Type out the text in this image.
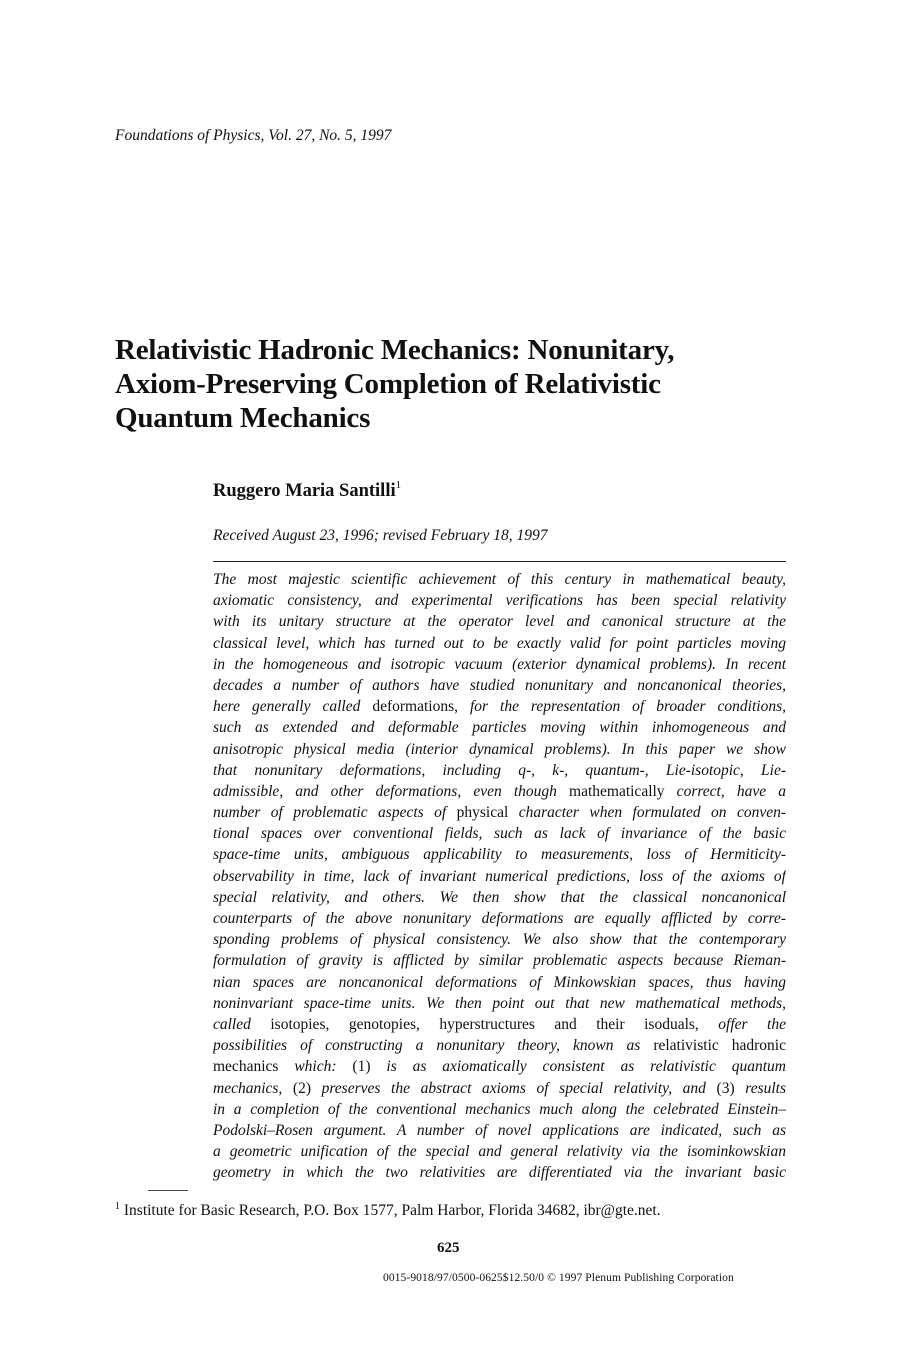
Foundations of Physics, Vol. 27, No. 5, 1997
Relativistic Hadronic Mechanics: Nonunitary,
Axiom-Preserving Completion of Relativistic
Quantum Mechanics
Ruggero Maria Santilli$^1$
Received August 23, 1996; revised February 18, 1997
The most majestic scientific achievement of this century in mathematical beauty,
axiomatic consistency, and experimental verifications has been special relativity
with its unitary structure at the operator level and canonical structure at the
classical level, which has turned out to be exactly valid for point particles moving
in the homogeneous and isotropic vacuum (exterior dynamical problems). In recent
decades a number of authors have studied nonunitary and noncanonical theories,
here generally called deformations, for the representation of broader conditions,
such as extended and deformable particles moving within inhomogeneous and
anisotropic physical media (interior dynamical problems). In this paper we show
that nonunitary deformations, including q-, k-, quantum-, Lie-isotopic, Lie-
admissible, and other deformations, even though mathematically correct, have a
number of problematic aspects of physical character when formulated on conven-
tional spaces over conventional fields, such as lack of invariance of the basic
space-time units, ambiguous applicability to measurements, loss of Hermiticity-
observability in time, lack of invariant numerical predictions, loss of the axioms of
special relativity, and others. We then show that the classical noncanonical
counterparts of the above nonunitary deformations are equally afflicted by corre-
sponding problems of physical consistency. We also show that the contemporary
formulation of gravity is afflicted by similar problematic aspects because Rieman-
nian spaces are noncanonical deformations of Minkowskian spaces, thus having
noninvariant space-time units. We then point out that new mathematical methods,
called isotopies, genotopies, hyperstructures and their isoduals, offer the
possibilities of constructing a nonunitary theory, known as relativistic hadronic
mechanics which: (1) is as axiomatically consistent as relativistic quantum
mechanics, (2) preserves the abstract axioms of special relativity, and (3) results
in a completion of the conventional mechanics much along the celebrated Einstein–
Podolski–Rosen argument. A number of novel applications are indicated, such as
a geometric unification of the special and general relativity via the isominkowskian
geometry in which the two relativities are differentiated via the invariant basic
$^1$ Institute for Basic Research, P.O. Box 1577, Palm Harbor, Florida 34682, ibr@gte.net.
625
0015-9018/97/0500-0625$12.50/0 © 1997 Plenum Publishing Corporation
